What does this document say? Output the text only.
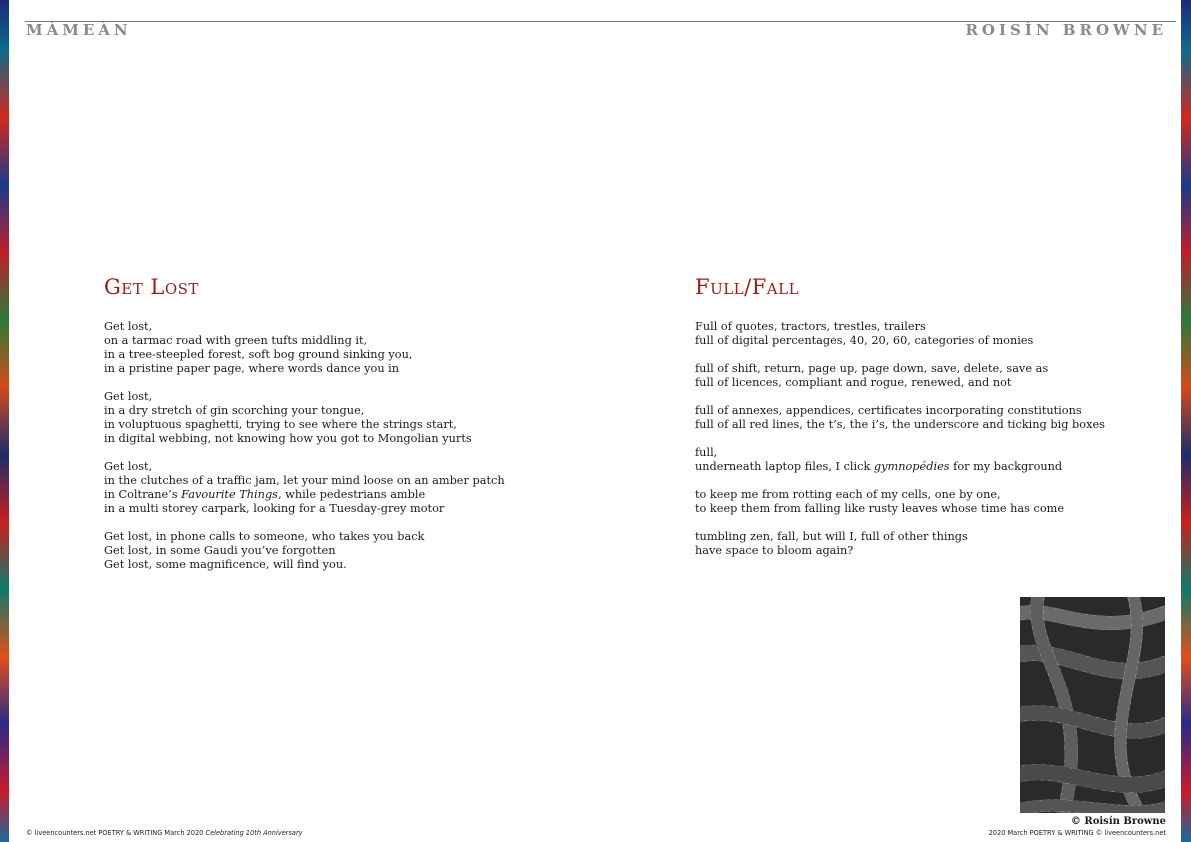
MÁMEÁN	ROISÍN BROWNE
Get Lost
Get lost,
on a tarmac road with green tufts middling it,
in a tree-steepled forest, soft bog ground sinking you,
in a pristine paper page, where words dance you in
Get lost,
in a dry stretch of gin scorching your tongue,
in voluptuous spaghetti, trying to see where the strings start,
in digital webbing, not knowing how you got to Mongolian yurts
Get lost,
in the clutches of a traffic jam, let your mind loose on an amber patch
in Coltrane’s Favourite Things, while pedestrians amble
in a multi storey carpark, looking for a Tuesday-grey motor
Get lost, in phone calls to someone, who takes you back
Get lost, in some Gaudi you’ve forgotten
Get lost, some magnificence, will find you.
Full/Fall
Full of quotes, tractors, trestles, trailers
full of digital percentages, 40, 20, 60, categories of monies
full of shift, return, page up, page down, save, delete, save as
full of licences, compliant and rogue, renewed, and not
full of annexes, appendices, certificates incorporating constitutions
full of all red lines, the t’s, the i’s, the underscore and ticking big boxes
full,
underneath laptop files, I click gymnopédies for my background
to keep me from rotting each of my cells, one by one,
to keep them from falling like rusty leaves whose time has come
tumbling zen, fall, but will I, full of other things
have space to bloom again?
© Roisín Browne
© liveencounters.net POETRY & WRITING March 2020 Celebrating 10th Anniversary	2020 March POETRY & WRITING © liveencounters.net
